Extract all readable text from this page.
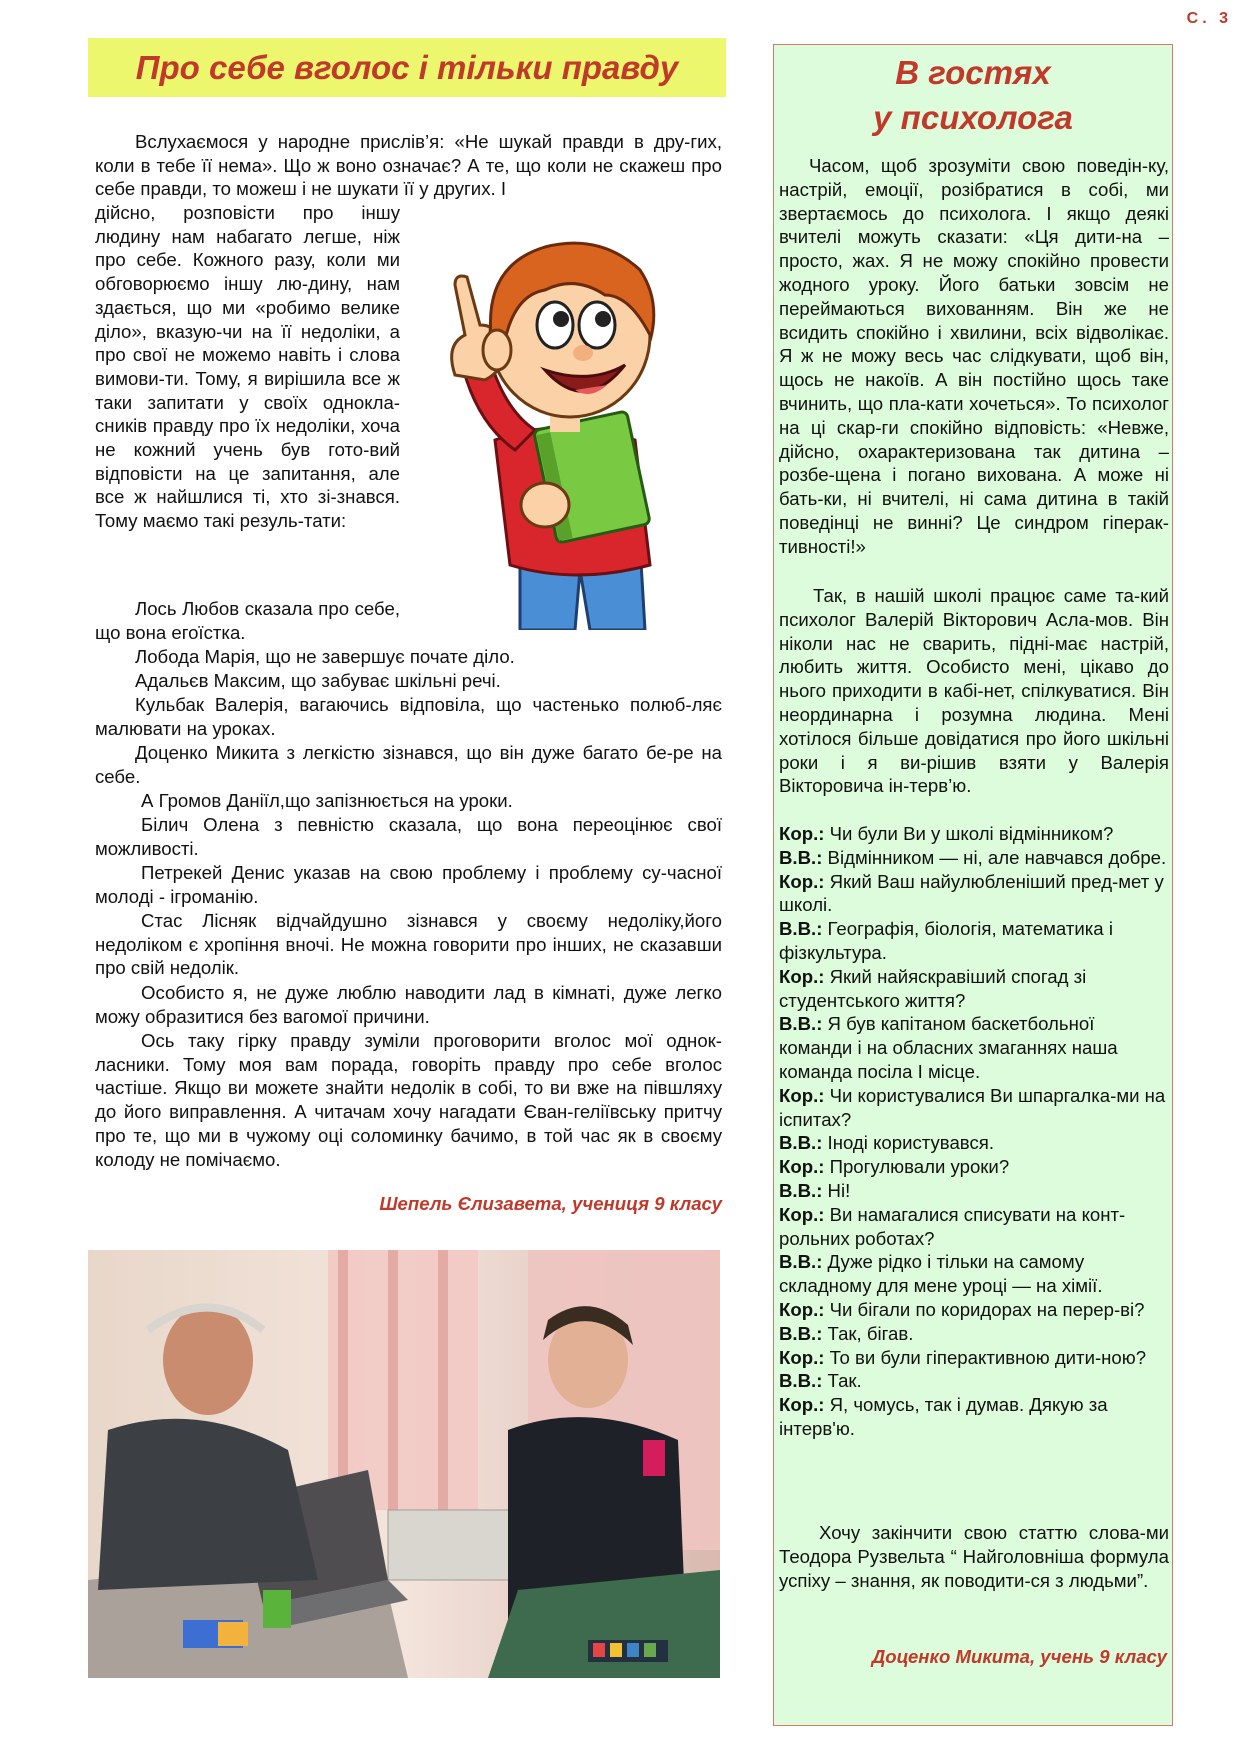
С. 3
Про себе вголос і тільки правду

Вслухаємося у народне прислів’я: «Не шукай правди в дру-гих, коли в тебе її нема». Що ж воно означає? А те, що коли не скажеш про себе правди, то можеш і не шукати її у других. І

дійсно, розповісти про іншу людину нам набагато легше, ніж про себе. Кожного разу, коли ми обговорюємо іншу лю-дину, нам здається, що ми «робимо велике діло», вказую-чи на її недоліки, а про свої не можемо навіть і слова вимови-ти. Тому, я вирішила все ж таки запитати у своїх однокла-сників правду про їх недоліки, хоча не кожний учень був гото-вий відповісти на це запитання, але все ж найшлися ті, хто зі-знався. Тому маємо такі резуль-тати:

Лось Любов сказала про себе, що вона егоїстка.

Лобода Марія, що не завершує почате діло.

Адальєв Максим, що забуває шкільні речі.

Кульбак Валерія, вагаючись відповіла, що частенько полюб-ляє малювати на уроках.

Доценко Микита з легкістю зізнався, що він дуже багато бе-ре на себе.

А Громов Даніїл,що запізнюється на уроки.

Білич Олена з певністю сказала, що вона переоцінює свої можливості.

Петрекей Денис указав на свою проблему і проблему су-часної молоді - ігроманію.

Стас Лісняк відчайдушно зізнався у своєму недоліку,його недоліком є хропіння вночі. Не можна говорити про інших, не сказавши про свій недолік.

Особисто я, не дуже люблю наводити лад в кімнаті, дуже легко можу образитися без вагомої причини.

Ось таку гірку правду зуміли проговорити вголос мої однок-ласники. Тому моя вам порада, говоріть правду про себе вголос частіше. Якщо ви можете знайти недолік в собі, то ви вже на півшляху до його виправлення. А читачам хочу нагадати Єван-геліївську притчу про те, що ми в чужому оці соломинку бачимо, в той час як в своєму колоду не помічаємо.

Шепель Єлизавета, учениця 9 класу
В гостях
у психолога

Часом, щоб зрозуміти свою поведін-ку, настрій, емоції, розібратися в собі, ми звертаємось до психолога. І якщо деякі вчителі можуть сказати: «Ця дити-на – просто, жах. Я не можу спокійно провести жодного уроку. Його батьки зовсім не переймаються вихованням. Він же не всидить спокійно і хвилини, всіх відволікає. Я ж не можу весь час слідкувати, щоб він, щось не накоїв. А він постійно щось таке вчинить, що пла-кати хочеться». То психолог на ці скар-ги спокійно відповість: «Невже, дійсно, охарактеризована так дитина – розбе-щена і погано вихована. А може ні бать-ки, ні вчителі, ні сама дитина в такій поведінці не винні? Це синдром гіперак-тивності!»

Так, в нашій школі працює саме та-кий психолог Валерій Вікторович Асла-мов. Він ніколи нас не сварить, підні-має настрій, любить життя. Особисто мені, цікаво до нього приходити в кабі-нет, спілкуватися. Він неординарна і розумна людина. Мені хотілося більше довідатися про його шкільні роки і я ви-рішив взяти у Валерія Вікторовича ін-терв’ю.

Кор.: Чи були Ви у школі відмінником?

В.В.: Відмінником — ні, але навчався добре.

Кор.: Який Ваш найулюбленіший пред-мет у школі.

В.В.: Географія, біологія, математика і фізкультура.

Кор.: Який найяскравіший спогад зі студентського життя?

В.В.: Я був капітаном баскетбольної команди і на обласних змаганнях наша команда посіла І місце.

Кор.: Чи користувалися Ви шпаргалка-ми на іспитах?

В.В.: Іноді користувався.

Кор.: Прогулювали уроки?

В.В.: Ні!

Кор.: Ви намагалися списувати на конт-рольних роботах?

В.В.: Дуже рідко і тільки на самому складному для мене уроці — на хімії.

Кор.: Чи бігали по коридорах на перер-ві?

В.В.: Так, бігав.

Кор.: То ви були гіперактивною дити-ною?

В.В.: Так.

Кор.: Я, чомусь, так і думав. Дякую за інтерв'ю.

Хочу закінчити свою статтю слова-ми Теодора Рузвельта “ Найголовніша формула успіху – знання, як поводити-ся з людьми”.

Доценко Микита, учень 9 класу
